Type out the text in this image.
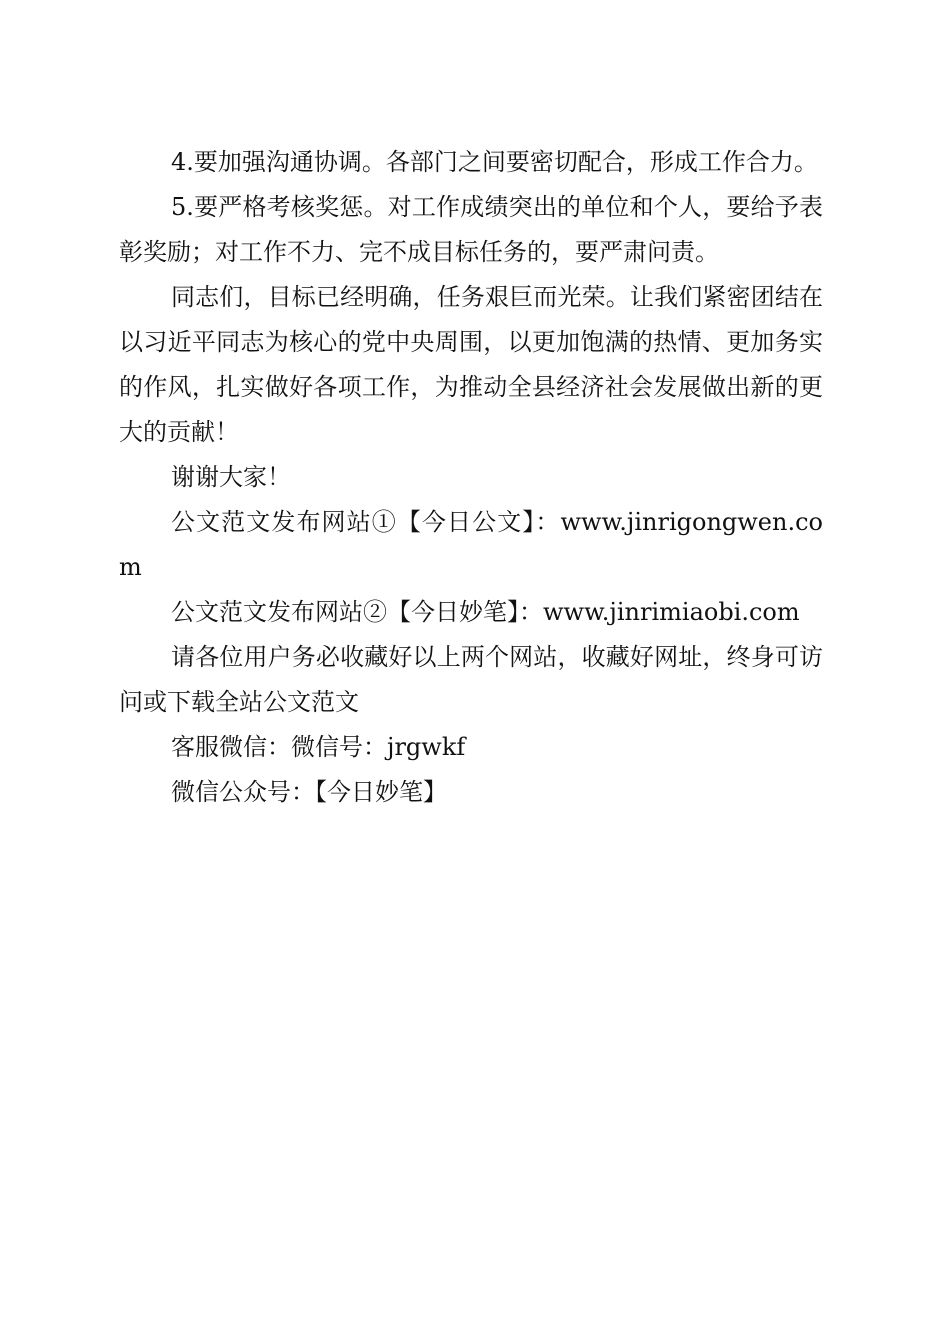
4.要加强沟通协调。各部门之间要密切配合，形成工作合力。

5.要严格考核奖惩。对工作成绩突出的单位和个人，要给予表彰奖励；对工作不力、完不成目标任务的，要严肃问责。

同志们，目标已经明确，任务艰巨而光荣。让我们紧密团结在以习近平同志为核心的党中央周围，以更加饱满的热情、更加务实的作风，扎实做好各项工作，为推动全县经济社会发展做出新的更大的贡献！

谢谢大家！

公文范文发布网站①【今日公文】：www.jinrigongwen.com

公文范文发布网站②【今日妙笔】：www.jinrimiaobi.com

请各位用户务必收藏好以上两个网站，收藏好网址，终身可访问或下载全站公文范文

客服微信：微信号：jrgwkf

微信公众号：【今日妙笔】
